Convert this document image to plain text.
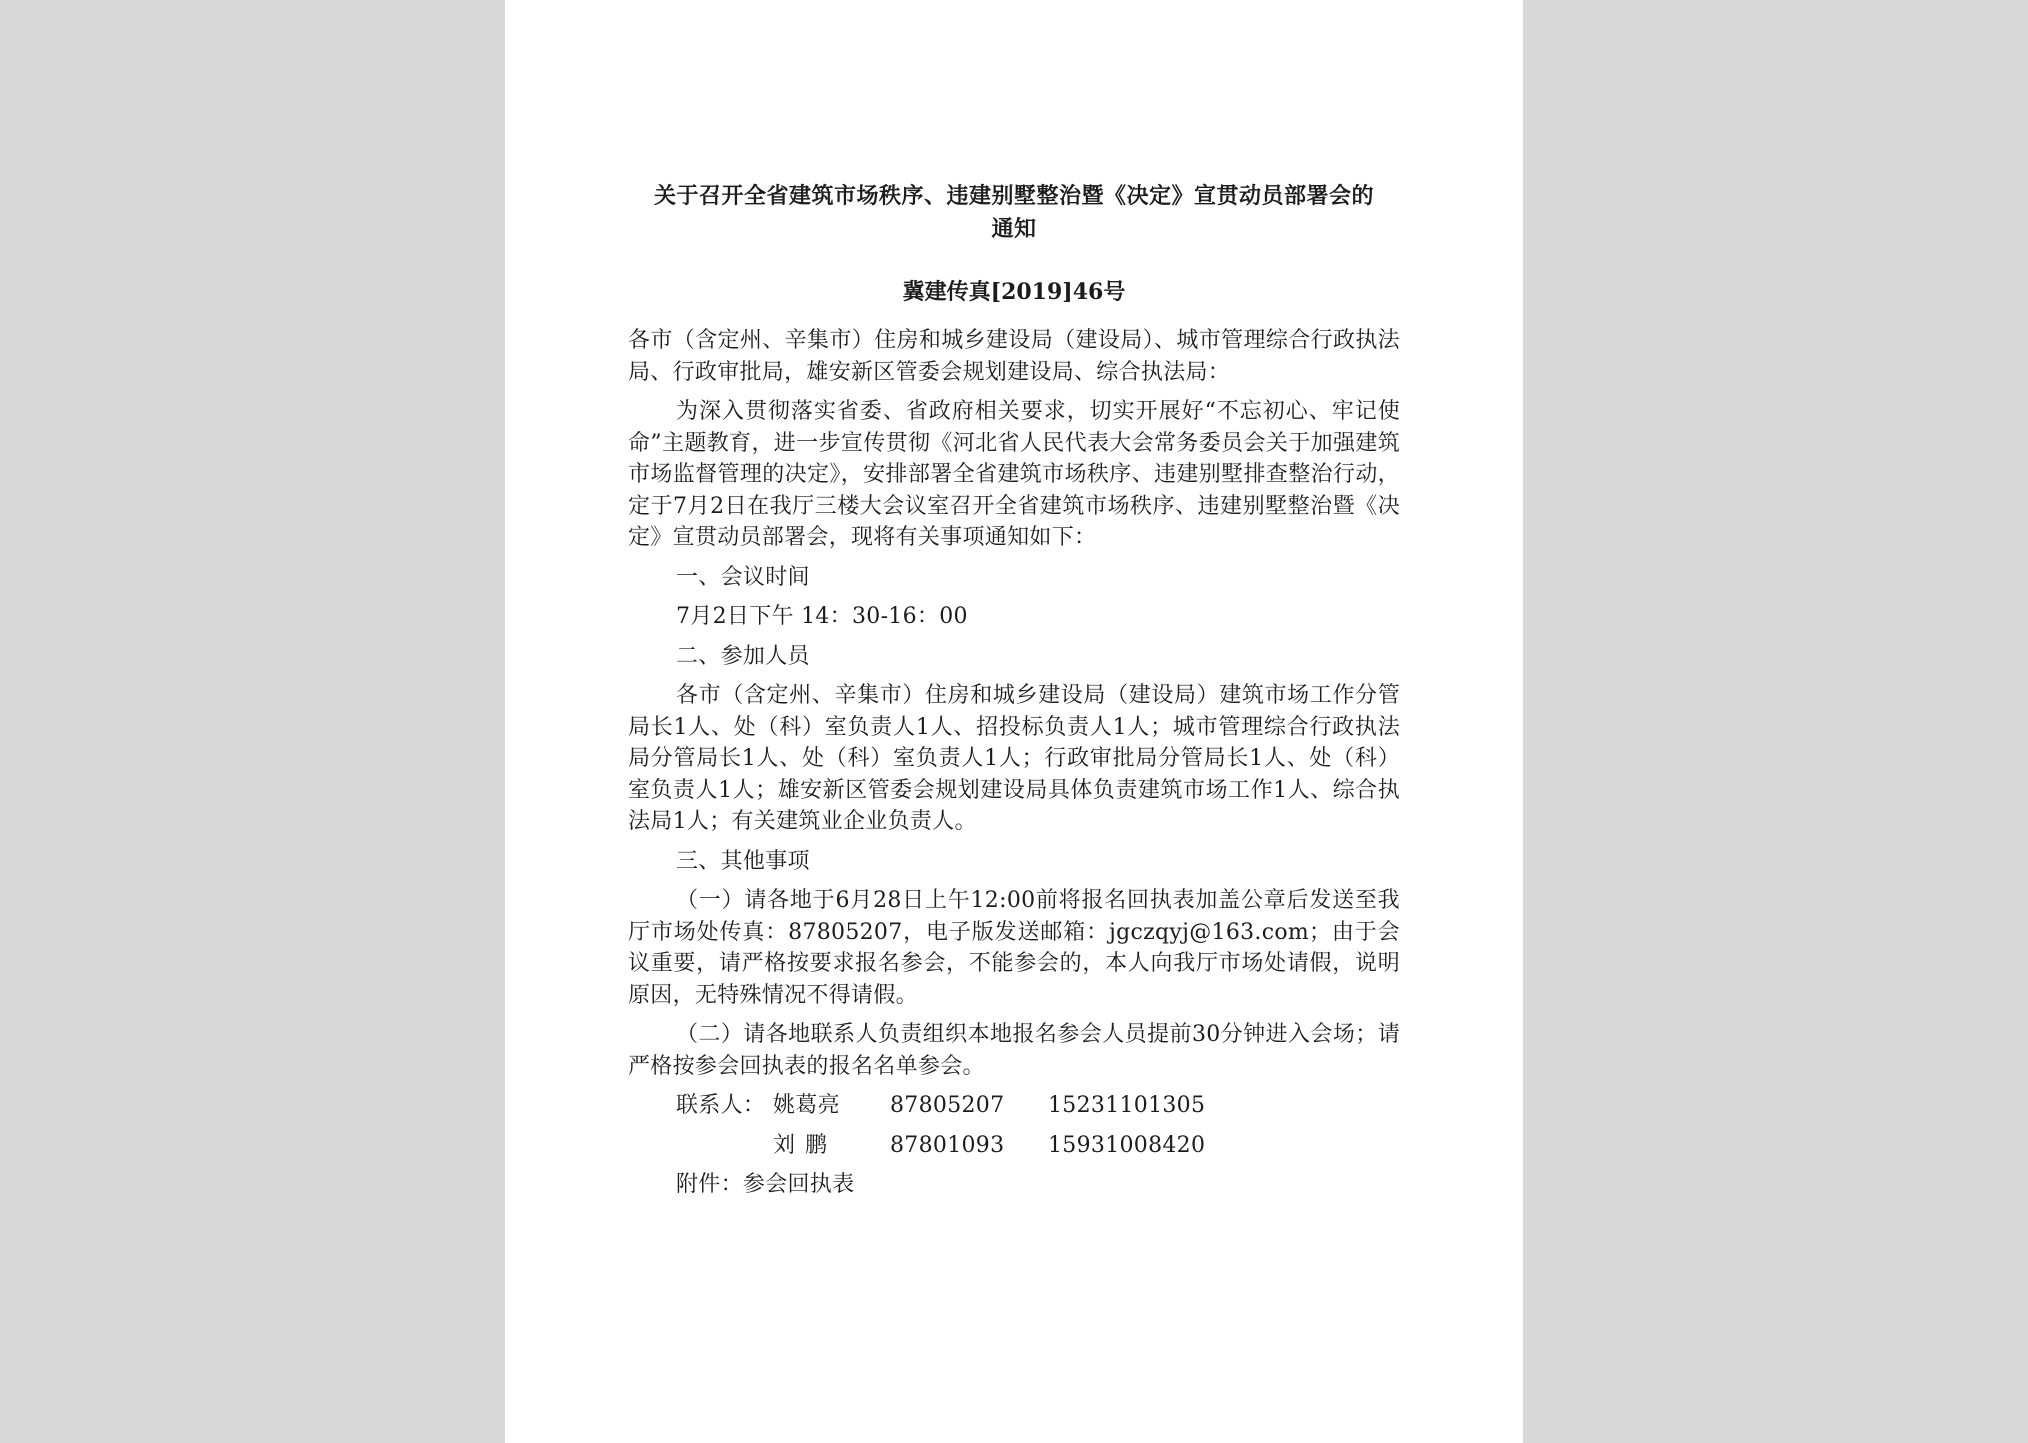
关于召开全省建筑市场秩序、违建别墅整治暨《决定》宣贯动员部署会的
通知

冀建传真[2019]46号

各市（含定州、辛集市）住房和城乡建设局（建设局）、城市管理综合行政执法局、行政审批局，雄安新区管委会规划建设局、综合执法局：

为深入贯彻落实省委、省政府相关要求，切实开展好“不忘初心、牢记使命”主题教育，进一步宣传贯彻《河北省人民代表大会常务委员会关于加强建筑市场监督管理的决定》，安排部署全省建筑市场秩序、违建别墅排查整治行动，定于7月2日在我厅三楼大会议室召开全省建筑市场秩序、违建别墅整治暨《决定》宣贯动员部署会，现将有关事项通知如下：

一、会议时间

7月2日下午 14：30-16：00

二、参加人员

各市（含定州、辛集市）住房和城乡建设局（建设局）建筑市场工作分管局长1人、处（科）室负责人1人、招投标负责人1人；城市管理综合行政执法局分管局长1人、处（科）室负责人1人；行政审批局分管局长1人、处（科）室负责人1人；雄安新区管委会规划建设局具体负责建筑市场工作1人、综合执法局1人；有关建筑业企业负责人。

三、其他事项

（一）请各地于6月28日上午12:00前将报名回执表加盖公章后发送至我厅市场处传真：87805207，电子版发送邮箱：jgczqyj@163.com；由于会议重要，请严格按要求报名参会，不能参会的，本人向我厅市场处请假，说明原因，无特殊情况不得请假。

（二）请各地联系人负责组织本地报名参会人员提前30分钟进入会场；请严格按参会回执表的报名名单参会。

联系人： 姚葛亮	87805207	15231101305
刘鹏	87801093	15931008420

附件：参会回执表
